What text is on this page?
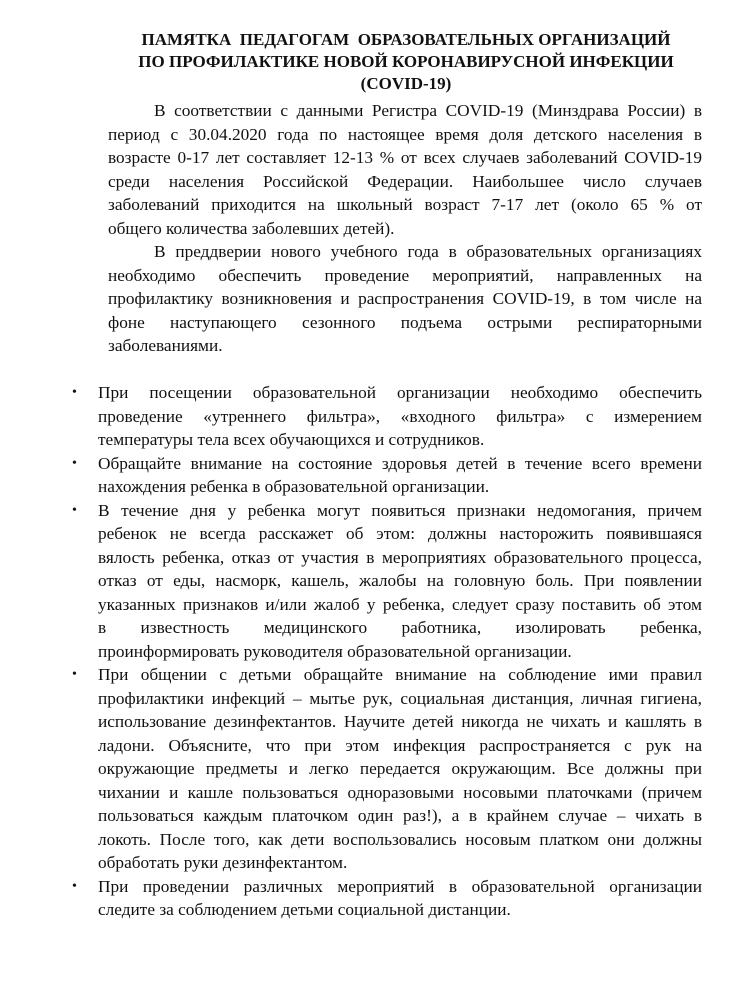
ПАМЯТКА  ПЕДАГОГАМ  ОБРАЗОВАТЕЛЬНЫХ ОРГАНИЗАЦИЙ
ПО ПРОФИЛАКТИКЕ НОВОЙ КОРОНАВИРУСНОЙ ИНФЕКЦИИ
(COVID-19)
В соответствии с данными Регистра COVID-19 (Минздрава России) в
период с 30.04.2020 года по настоящее время доля детского населения в
возрасте 0-17 лет составляет 12-13 % от всех случаев заболеваний COVID-19
среди населения Российской Федерации. Наибольшее число случаев
заболеваний приходится на школьный возраст 7-17 лет (около 65 % от
общего количества заболевших детей).
В преддверии нового учебного года в образовательных организациях
необходимо обеспечить проведение мероприятий, направленных на
профилактику возникновения и распространения COVID-19, в том числе на
фоне наступающего сезонного подъема острыми респираторными
заболеваниями.
• При посещении образовательной организации необходимо обеспечить
проведение «утреннего фильтра», «входного фильтра» с измерением
температуры тела всех обучающихся и сотрудников.
• Обращайте внимание на состояние здоровья детей в течение всего времени
нахождения ребенка в образовательной организации.
• В течение дня у ребенка могут появиться признаки недомогания, причем
ребенок не всегда расскажет об этом: должны насторожить появившаяся
вялость ребенка, отказ от участия в мероприятиях образовательного процесса,
отказ от еды, насморк, кашель, жалобы на головную боль. При появлении
указанных признаков и/или жалоб у ребенка, следует сразу поставить об этом
в известность медицинского работника, изолировать ребенка,
проинформировать руководителя образовательной организации.
• При общении с детьми обращайте внимание на соблюдение ими правил
профилактики инфекций – мытье рук, социальная дистанция, личная гигиена,
использование дезинфектантов. Научите детей никогда не чихать и кашлять в
ладони. Объясните, что при этом инфекция распространяется с рук на
окружающие предметы и легко передается окружающим. Все должны при
чихании и кашле пользоваться одноразовыми носовыми платочками (причем
пользоваться каждым платочком один раз!), а в крайнем случае – чихать в
локоть. После того, как дети воспользовались носовым платком они должны
обработать руки дезинфектантом.
• При проведении различных мероприятий в образовательной организации
следите за соблюдением детьми социальной дистанции.
